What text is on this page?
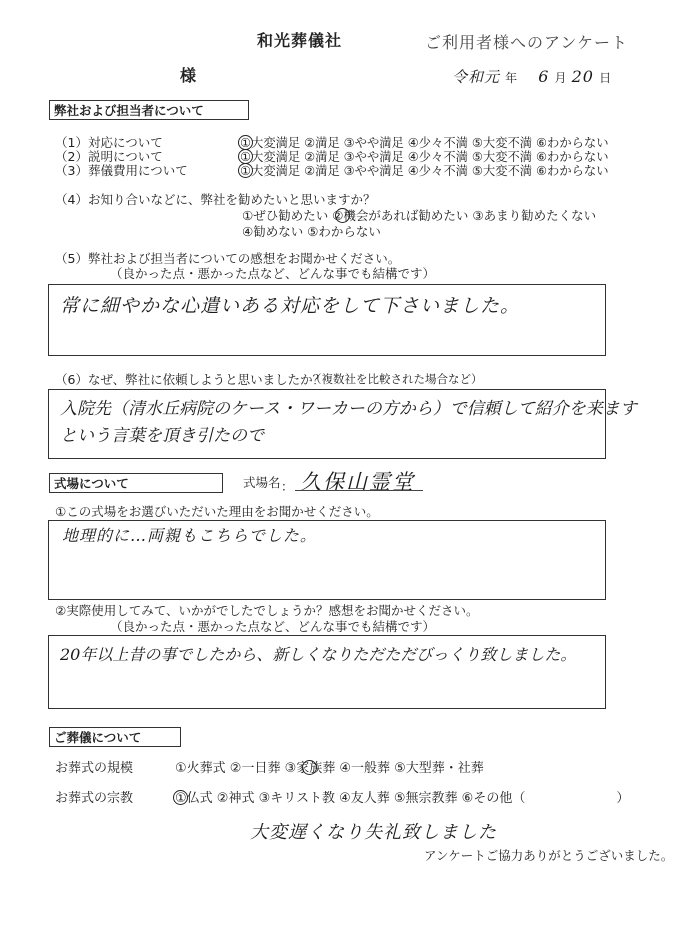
和光葬儀社	ご利用者様へのアンケート
様	令和元 年 6 月 20 日
弊社および担当者について
（1）対応について	①大変満足 ②満足 ③やや満足 ④少々不満 ⑤大変不満 ⑥わからない
（2）説明について	①大変満足 ②満足 ③やや満足 ④少々不満 ⑤大変不満 ⑥わからない
（3）葬儀費用について	①大変満足 ②満足 ③やや満足 ④少々不満 ⑤大変不満 ⑥わからない
（4）お知り合いなどに、弊社を勧めたいと思いますか？
①ぜひ勧めたい ②機会があれば勧めたい ③あまり勧めたくない
④勧めない ⑤わからない
（5）弊社および担当者についての感想をお聞かせください。
（良かった点・悪かった点など、どんな事でも結構です）
常に細やかな心遣いある対応をして下さいました。
（6）なぜ、弊社に依頼しようと思いましたか？
（複数社を比較された場合など）
入院先（清水丘病院のケース・ワーカーの方から）で信頼して紹介を来ます
という言葉を頂き引たので
式場について	式場名 ： 久保山霊堂
①この式場をお選びいただいた理由をお聞かせください。
地理的に…両親もこちらでした。
②実際使用してみて、いかがでしたでしょうか？感想をお聞かせください。
（良かった点・悪かった点など、どんな事でも結構です）
20年以上昔の事でしたから、新しくなりただただびっくり致しました。
ご葬儀について
お葬式の規模	①火葬式 ②一日葬 ③家族葬 ④一般葬 ⑤大型葬・社葬
お葬式の宗教	①仏式 ②神式 ③キリスト教 ④友人葬 ⑤無宗教葬 ⑥その他（　　　　　　　）
大変遅くなり失礼致しました
アンケートご協力ありがとうございました。
